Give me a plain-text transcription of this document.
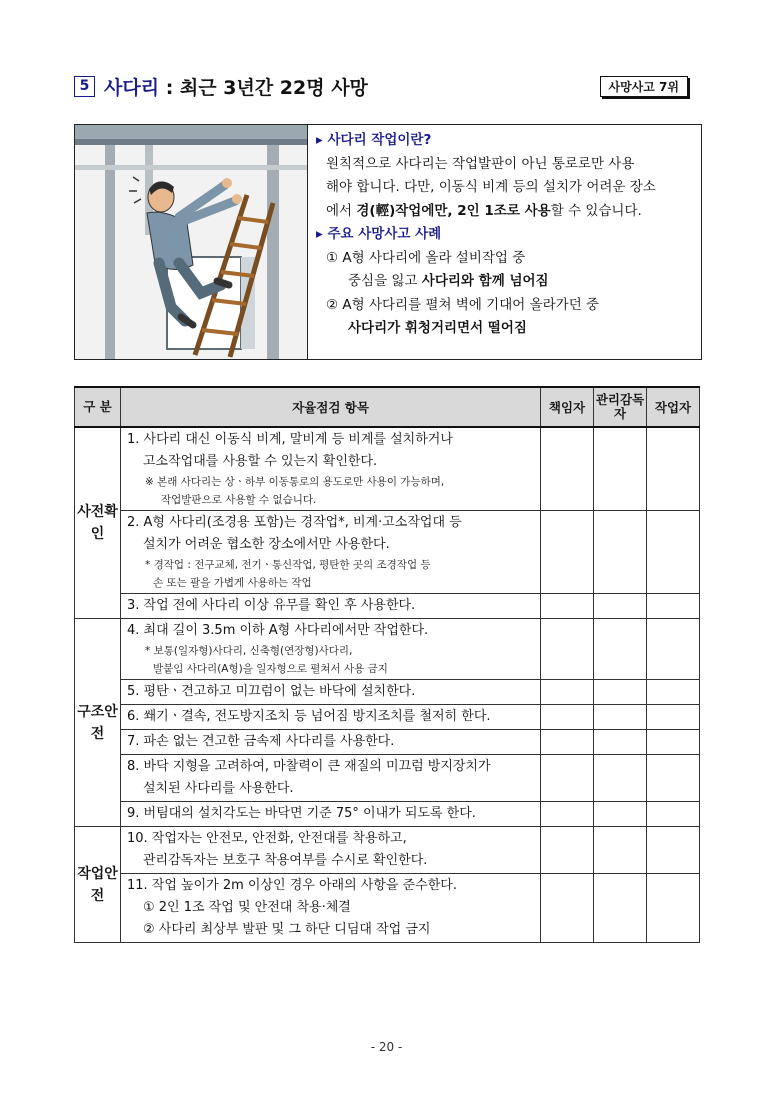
5 사다리 : 최근 3년간 22명 사망	사망사고 7위
▸ 사다리 작업이란?
원칙적으로 사다리는 작업발판이 아닌 통로로만 사용
해야 합니다. 다만, 이동식 비계 등의 설치가 어려운 장소
에서 경(輕)작업에만, 2인 1조로 사용할 수 있습니다.
▸ 주요 사망사고 사례
① A형 사다리에 올라 설비작업 중
중심을 잃고 사다리와 함께 넘어짐
② A형 사다리를 펼쳐 벽에 기대어 올라가던 중
사다리가 휘청거리면서 떨어짐
구 분	자율점검 항목	책임자	관리감독자	작업자
사전확인	1. 사다리 대신 이동식 비계, 말비계 등 비계를 설치하거나
고소작업대를 사용할 수 있는지 확인한다.
※ 본래 사다리는 상ㆍ하부 이동통로의 용도로만 사용이 가능하며,
작업발판으로 사용할 수 없습니다.			

	2. A형 사다리(조경용 포함)는 경작업*, 비계·고소작업대 등
설치가 어려운 협소한 장소에서만 사용한다.
* 경작업 : 전구교체, 전기ㆍ통신작업, 평탄한 곳의 조경작업 등
손 또는 팔을 가볍게 사용하는 작업			

	3. 작업 전에 사다리 이상 유무를 확인 후 사용한다.			
구조안전	4. 최대 길이 3.5m 이하 A형 사다리에서만 작업한다.
* 보통(일자형)사다리, 신축형(연장형)사다리,
발붙임 사다리(A형)을 일자형으로 펼쳐서 사용 금지			

	5. 평탄ㆍ견고하고 미끄럼이 없는 바닥에 설치한다.			
	6. 쐐기ㆍ결속, 전도방지조치 등 넘어짐 방지조치를 철저히 한다.			
	7. 파손 없는 견고한 금속제 사다리를 사용한다.			

	8. 바닥 지형을 고려하여, 마찰력이 큰 재질의 미끄럼 방지장치가
설치된 사다리를 사용한다.			

	9. 버팀대의 설치각도는 바닥면 기준 75° 이내가 되도록 한다.			
작업안전	10. 작업자는 안전모, 안전화, 안전대를 착용하고,
관리감독자는 보호구 착용여부를 수시로 확인한다.			

	11. 작업 높이가 2m 이상인 경우 아래의 사항을 준수한다.
① 2인 1조 작업 및 안전대 착용·체결
② 사다리 최상부 발판 및 그 하단 디딤대 작업 금지			

- 20 -
